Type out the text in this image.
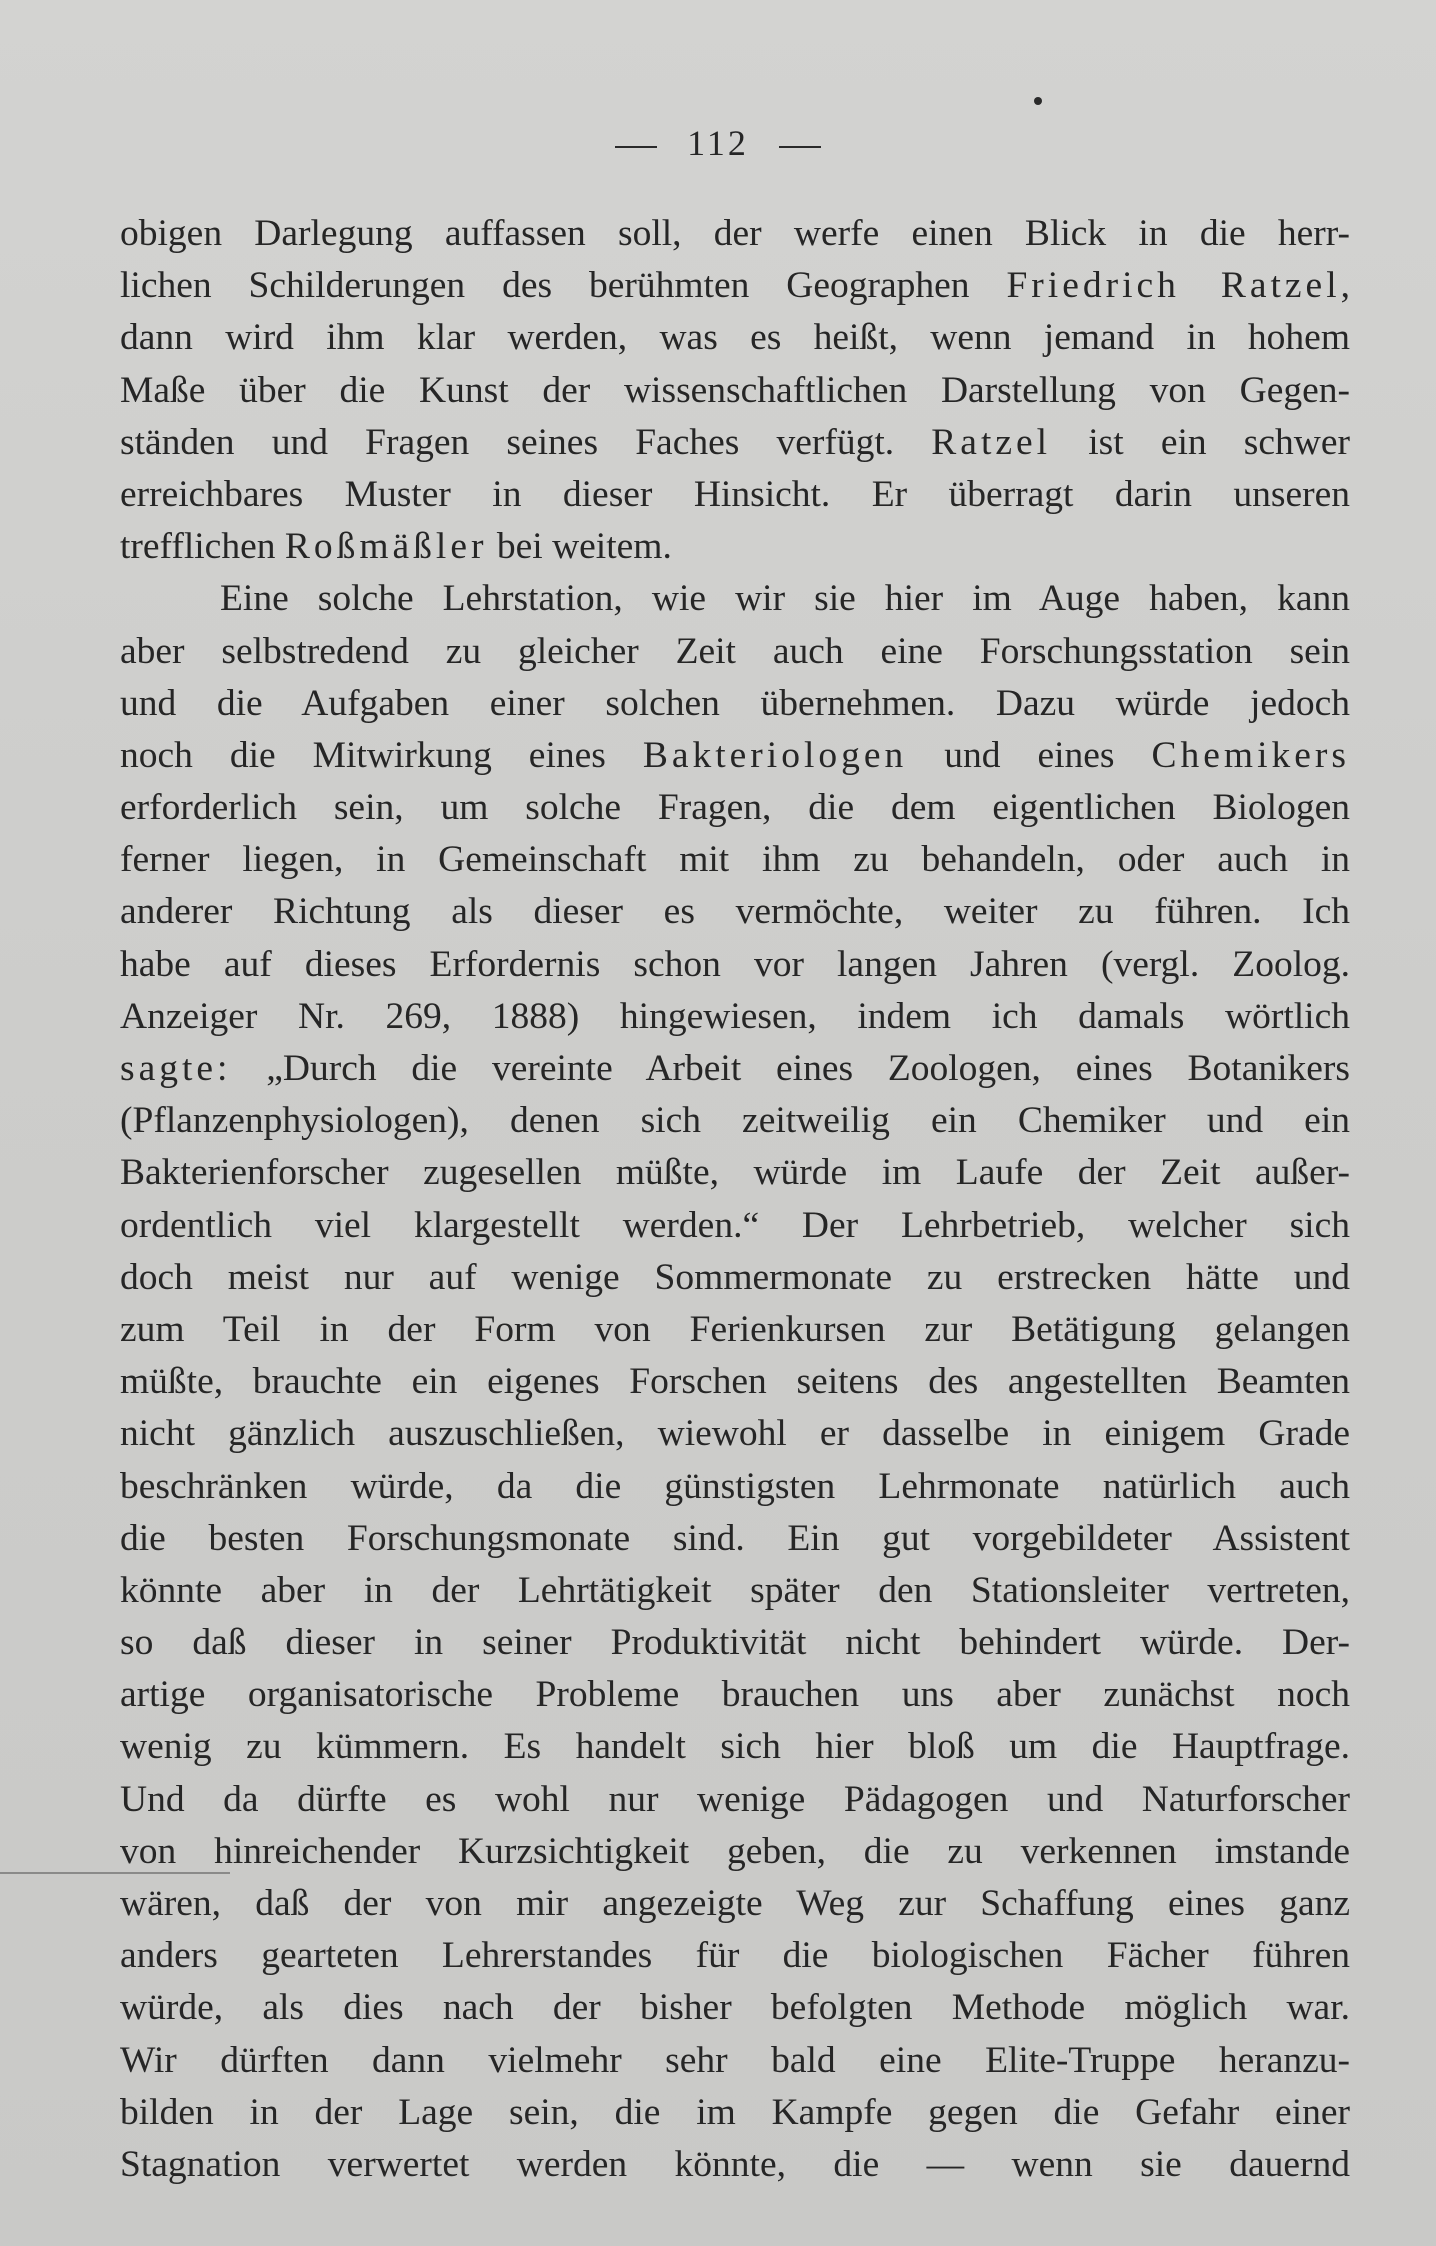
112
obigen Darlegung auffassen soll, der werfe einen Blick in die herr-
lichen Schilderungen des berühmten Geographen Friedrich Ratzel,
dann wird ihm klar werden, was es heißt, wenn jemand in hohem
Maße über die Kunst der wissenschaftlichen Darstellung von Gegen-
ständen und Fragen seines Faches verfügt. Ratzel ist ein schwer
erreichbares Muster in dieser Hinsicht. Er überragt darin unseren
trefflichen Roßmäßler bei weitem.
Eine solche Lehrstation, wie wir sie hier im Auge haben, kann
aber selbstredend zu gleicher Zeit auch eine Forschungsstation sein
und die Aufgaben einer solchen übernehmen. Dazu würde jedoch
noch die Mitwirkung eines Bakteriologen und eines Chemikers
erforderlich sein, um solche Fragen, die dem eigentlichen Biologen
ferner liegen, in Gemeinschaft mit ihm zu behandeln, oder auch in
anderer Richtung als dieser es vermöchte, weiter zu führen. Ich
habe auf dieses Erfordernis schon vor langen Jahren (vergl. Zoolog.
Anzeiger Nr. 269, 1888) hingewiesen, indem ich damals wörtlich
sagte: „Durch die vereinte Arbeit eines Zoologen, eines Botanikers
(Pflanzenphysiologen), denen sich zeitweilig ein Chemiker und ein
Bakterienforscher zugesellen müßte, würde im Laufe der Zeit außer-
ordentlich viel klargestellt werden.“ Der Lehrbetrieb, welcher sich
doch meist nur auf wenige Sommermonate zu erstrecken hätte und
zum Teil in der Form von Ferienkursen zur Betätigung gelangen
müßte, brauchte ein eigenes Forschen seitens des angestellten Beamten
nicht gänzlich auszuschließen, wiewohl er dasselbe in einigem Grade
beschränken würde, da die günstigsten Lehrmonate natürlich auch
die besten Forschungsmonate sind. Ein gut vorgebildeter Assistent
könnte aber in der Lehrtätigkeit später den Stationsleiter vertreten,
so daß dieser in seiner Produktivität nicht behindert würde. Der-
artige organisatorische Probleme brauchen uns aber zunächst noch
wenig zu kümmern. Es handelt sich hier bloß um die Hauptfrage.
Und da dürfte es wohl nur wenige Pädagogen und Naturforscher
von hinreichender Kurzsichtigkeit geben, die zu verkennen imstande
wären, daß der von mir angezeigte Weg zur Schaffung eines ganz
anders gearteten Lehrerstandes für die biologischen Fächer führen
würde, als dies nach der bisher befolgten Methode möglich war.
Wir dürften dann vielmehr sehr bald eine Elite-Truppe heranzu-
bilden in der Lage sein, die im Kampfe gegen die Gefahr einer
Stagnation verwertet werden könnte, die — wenn sie dauernd
